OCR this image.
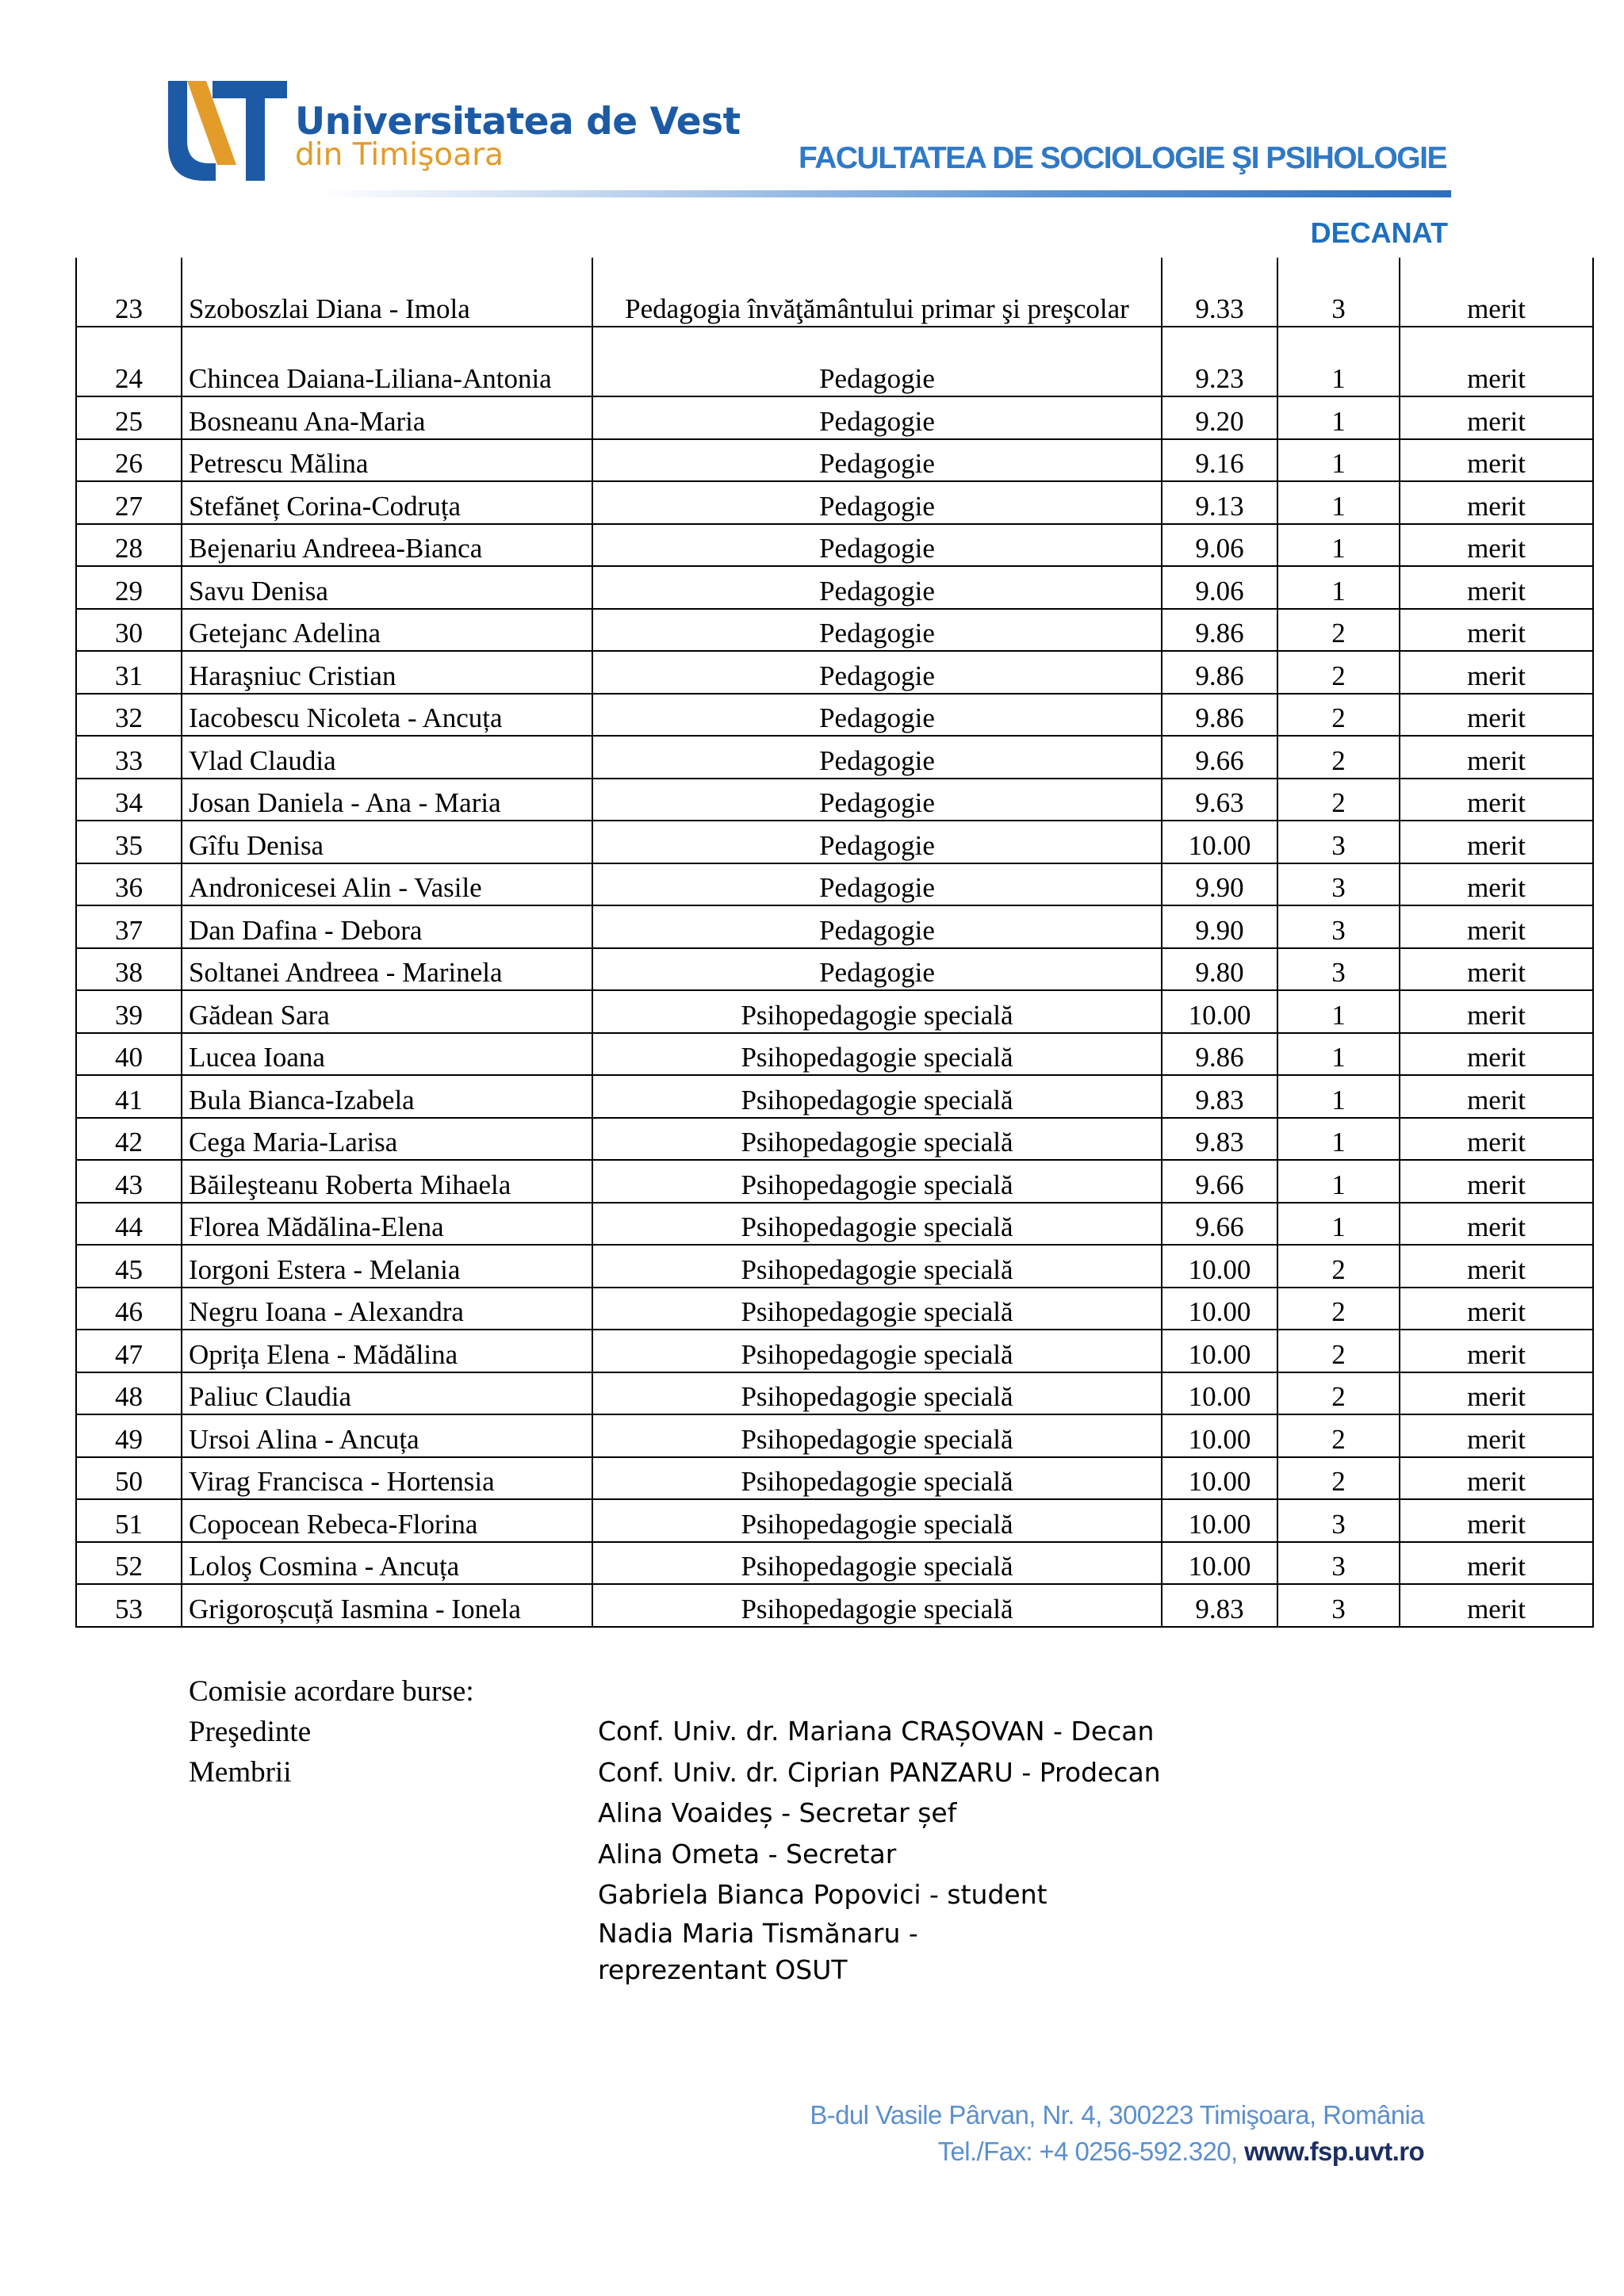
Universitatea de Vest
din Timişoara	FACULTATEA DE SOCIOLOGIE ŞI PSIHOLOGIE
DECANAT
23	Szoboszlai Diana - Imola	Pedagogia învăţământului primar şi preşcolar	9.33	3	merit
24	Chincea Daiana-Liliana-Antonia	Pedagogie	9.23	1	merit
25	Bosneanu Ana-Maria	Pedagogie	9.20	1	merit
26	Petrescu Mălina	Pedagogie	9.16	1	merit
27	Stefăneț Corina-Codruța	Pedagogie	9.13	1	merit
28	Bejenariu Andreea-Bianca	Pedagogie	9.06	1	merit
29	Savu Denisa	Pedagogie	9.06	1	merit
30	Getejanc Adelina	Pedagogie	9.86	2	merit
31	Haraşniuc Cristian	Pedagogie	9.86	2	merit
32	Iacobescu Nicoleta - Ancuța	Pedagogie	9.86	2	merit
33	Vlad Claudia	Pedagogie	9.66	2	merit
34	Josan Daniela - Ana - Maria	Pedagogie	9.63	2	merit
35	Gîfu Denisa	Pedagogie	10.00	3	merit
36	Andronicesei Alin - Vasile	Pedagogie	9.90	3	merit
37	Dan Dafina - Debora	Pedagogie	9.90	3	merit
38	Soltanei Andreea - Marinela	Pedagogie	9.80	3	merit
39	Gădean Sara	Psihopedagogie specială	10.00	1	merit
40	Lucea Ioana	Psihopedagogie specială	9.86	1	merit
41	Bula Bianca-Izabela	Psihopedagogie specială	9.83	1	merit
42	Cega Maria-Larisa	Psihopedagogie specială	9.83	1	merit
43	Băileşteanu Roberta Mihaela	Psihopedagogie specială	9.66	1	merit
44	Florea Mădălina-Elena	Psihopedagogie specială	9.66	1	merit
45	Iorgoni Estera - Melania	Psihopedagogie specială	10.00	2	merit
46	Negru Ioana - Alexandra	Psihopedagogie specială	10.00	2	merit
47	Oprița Elena - Mădălina	Psihopedagogie specială	10.00	2	merit
48	Paliuc Claudia	Psihopedagogie specială	10.00	2	merit
49	Ursoi Alina - Ancuța	Psihopedagogie specială	10.00	2	merit
50	Virag Francisca - Hortensia	Psihopedagogie specială	10.00	2	merit
51	Copocean Rebeca-Florina	Psihopedagogie specială	10.00	3	merit
52	Loloş Cosmina - Ancuța	Psihopedagogie specială	10.00	3	merit
53	Grigoroșcuță Iasmina - Ionela	Psihopedagogie specială	9.83	3	merit
Comisie acordare burse:
Preşedinte
Membrii
Conf. Univ. dr. Mariana CRAȘOVAN - Decan
Conf. Univ. dr. Ciprian PANZARU - Prodecan
Alina Voaideș - Secretar șef
Alina Ometa - Secretar
Gabriela Bianca Popovici - student
Nadia Maria Tismănaru - reprezentant OSUT
B-dul Vasile Pârvan, Nr. 4, 300223 Timişoara, România
Tel./Fax: +4 0256-592.320, www.fsp.uvt.ro
